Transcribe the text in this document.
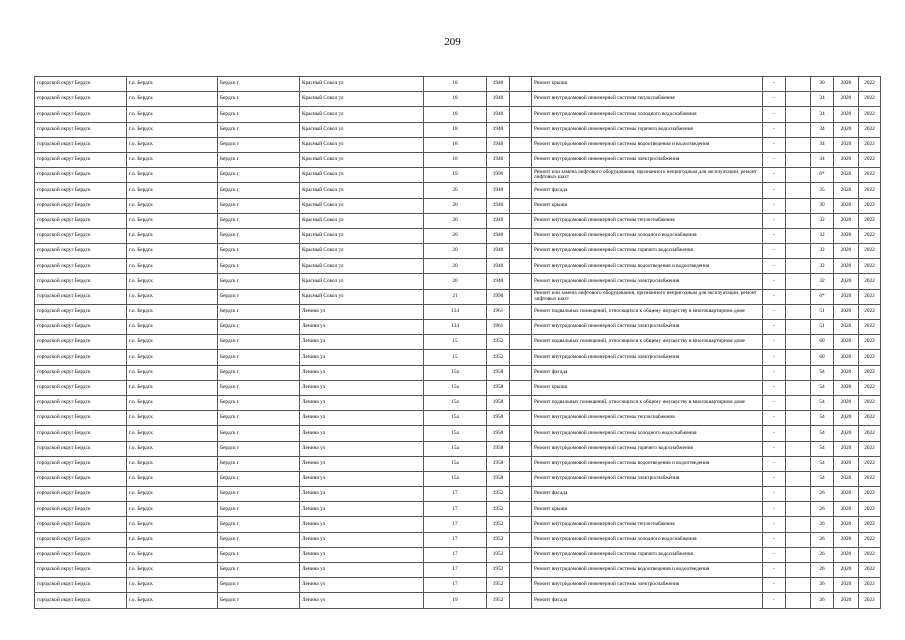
209
городской округ Бердск	г.о. Бердск	Бердск г	Красный Сокол ул	18	1940		Ремонт крыши	-		30	2020	2022
городской округ Бердск	г.о. Бердск	Бердск г	Красный Сокол ул	18	1940		Ремонт внутридомовой инженерной системы теплоснабжения	-		34	2020	2022
городской округ Бердск	г.о. Бердск	Бердск г	Красный Сокол ул	18	1940		Ремонт внутридомовой инженерной системы холодного водоснабжения	-		34	2020	2022
городской округ Бердск	г.о. Бердск	Бердск г	Красный Сокол ул	18	1940		Ремонт внутридомовой инженерной системы горячего водоснабжения	-		34	2020	2022
городской округ Бердск	г.о. Бердск	Бердск г	Красный Сокол ул	18	1940		Ремонт внутридомовой инженерной системы водоотведения и водоотведения	-		34	2020	2022
городской округ Бердск	г.о. Бердск	Бердск г	Красный Сокол ул	18	1940		Ремонт внутридомовой инженерной системы электроснабжения	-		34	2020	2022
городской округ Бердск	г.о. Бердск	Бердск г	Красный Сокол ул	19	1996		Ремонт или замена лифтового оборудования, признанного непригодным для эксплуатации, ремонт лифтовых шахт	-		6*	2020	2022
городской округ Бердск	г.о. Бердск	Бердск г	Красный Сокол ул	20	1940		Ремонт фасада	-		35	2020	2022
городской округ Бердск	г.о. Бердск	Бердск г	Красный Сокол ул	20	1940		Ремонт крыши	-		30	2020	2022
городской округ Бердск	г.о. Бердск	Бердск г	Красный Сокол ул	20	1940		Ремонт внутридомовой инженерной системы теплоснабжения	-		32	2020	2022
городской округ Бердск	г.о. Бердск	Бердск г	Красный Сокол ул	20	1940		Ремонт внутридомовой инженерной системы холодного водоснабжения	-		32	2020	2022
городской округ Бердск	г.о. Бердск	Бердск г	Красный Сокол ул	20	1940		Ремонт внутридомовой инженерной системы горячего водоснабжения	-		32	2020	2022
городской округ Бердск	г.о. Бердск	Бердск г	Красный Сокол ул	20	1940		Ремонт внутридомовой инженерной системы водоотведения и водоотведения	-		32	2020	2022
городской округ Бердск	г.о. Бердск	Бердск г	Красный Сокол ул	20	1940		Ремонт внутридомовой инженерной системы электроснабжения	-		32	2020	2022
городской округ Бердск	г.о. Бердск	Бердск г	Красный Сокол ул	21	1996		Ремонт или замена лифтового оборудования, признанного непригодным для эксплуатации, ремонт лифтовых шахт	-		6*	2020	2022
городской округ Бердск	г.о. Бердск	Бердск г	Ленина ул	134	1961		Ремонт подвальных помещений, относящихся к общему имуществу в многоквартирном доме	-		51	2020	2022
городской округ Бердск	г.о. Бердск	Бердск г	Ленина ул	134	1961		Ремонт внутридомовой инженерной системы электроснабжения	-		51	2020	2022
городской округ Бердск	г.о. Бердск	Бердск г	Ленина ул	15	1952		Ремонт подвальных помещений, относящихся к общему имуществу в многоквартирном доме	-		60	2020	2022
городской округ Бердск	г.о. Бердск	Бердск г	Ленина ул	15	1952		Ремонт внутридомовой инженерной системы электроснабжения	-		60	2020	2022
городской округ Бердск	г.о. Бердск	Бердск г	Ленина ул	15а	1958		Ремонт фасада	-		54	2020	2022
городской округ Бердск	г.о. Бердск	Бердск г	Ленина ул	15а	1958		Ремонт крыши	-		54	2020	2022
городской округ Бердск	г.о. Бердск	Бердск г	Ленина ул	15а	1958		Ремонт подвальных помещений, относящихся к общему имуществу в многоквартирном доме	-		54	2020	2022
городской округ Бердск	г.о. Бердск	Бердск г	Ленина ул	15а	1958		Ремонт внутридомовой инженерной системы теплоснабжения	-		54	2020	2022
городской округ Бердск	г.о. Бердск	Бердск г	Ленина ул	15а	1958		Ремонт внутридомовой инженерной системы холодного водоснабжения	-		54	2020	2022
городской округ Бердск	г.о. Бердск	Бердск г	Ленина ул	15а	1958		Ремонт внутридомовой инженерной системы горячего водоснабжения	-		54	2020	2022
городской округ Бердск	г.о. Бердск	Бердск г	Ленина ул	15а	1958		Ремонт внутридомовой инженерной системы водоотведения и водоотведения	-		54	2020	2022
городской округ Бердск	г.о. Бердск	Бердск г	Ленина ул	15а	1958		Ремонт внутридомовой инженерной системы электроснабжения	-		54	2020	2022
городской округ Бердск	г.о. Бердск	Бердск г	Ленина ул	17	1952		Ремонт фасада	-		26	2020	2022
городской округ Бердск	г.о. Бердск	Бердск г	Ленина ул	17	1952		Ремонт крыши	-		26	2020	2022
городской округ Бердск	г.о. Бердск	Бердск г	Ленина ул	17	1952		Ремонт внутридомовой инженерной системы теплоснабжения	-		26	2020	2022
городской округ Бердск	г.о. Бердск	Бердск г	Ленина ул	17	1952		Ремонт внутридомовой инженерной системы холодного водоснабжения	-		26	2020	2022
городской округ Бердск	г.о. Бердск	Бердск г	Ленина ул	17	1952		Ремонт внутридомовой инженерной системы горячего водоснабжения	-		26	2020	2022
городской округ Бердск	г.о. Бердск	Бердск г	Ленина ул	17	1952		Ремонт внутридомовой инженерной системы водоотведения и водоотведения	-		26	2020	2022
городской округ Бердск	г.о. Бердск	Бердск г	Ленина ул	17	1952		Ремонт внутридомовой инженерной системы электроснабжения	-		26	2020	2022
городской округ Бердск	г.о. Бердск	Бердск г	Ленина ул	19	1952		Ремонт фасада	-		26	2020	2022
